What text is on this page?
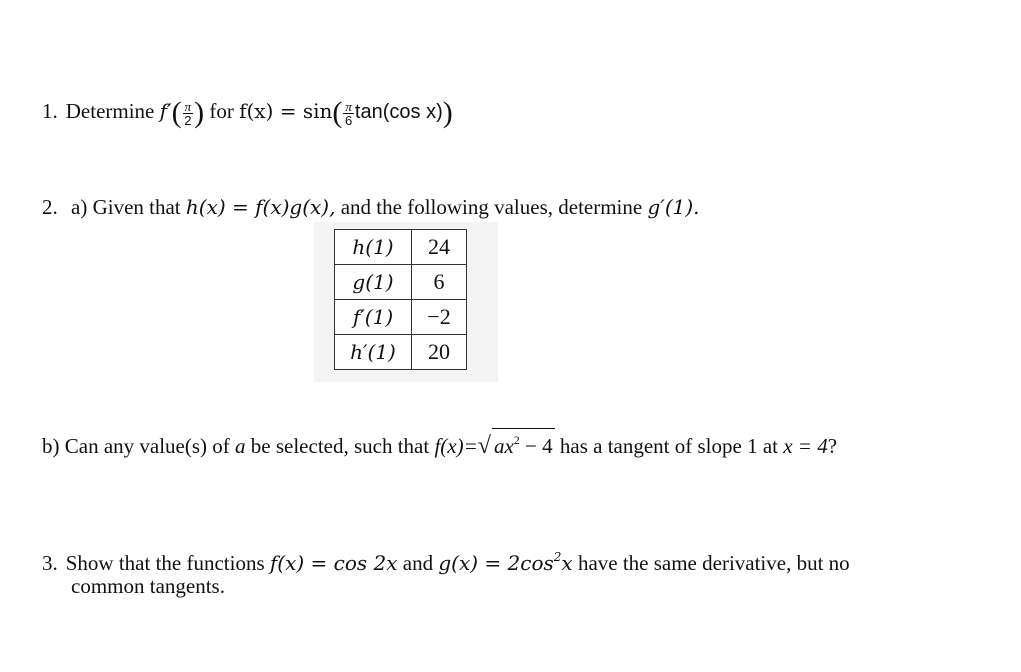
1. Determine $f'( \frac{\pi}{2}$ ) for $f(x) = \sin( \frac{\pi}{6} \tan(\cos$ x))
2. a) Given that h(x) = f(x)g(x), and the following values, determine g′(1).
h(1)	24
g(1)	6
f′(1)	−2
h′(1)	20
b) Can any value(s) of a be selected, such that f(x)=√ $ax^2 - 4$ has a tangent of slope 1 at x = 4?
3. Show that the functions f(x) = cos 2x and $g(x) = 2\cos^2x$ have the same derivative, but no
common tangents.
